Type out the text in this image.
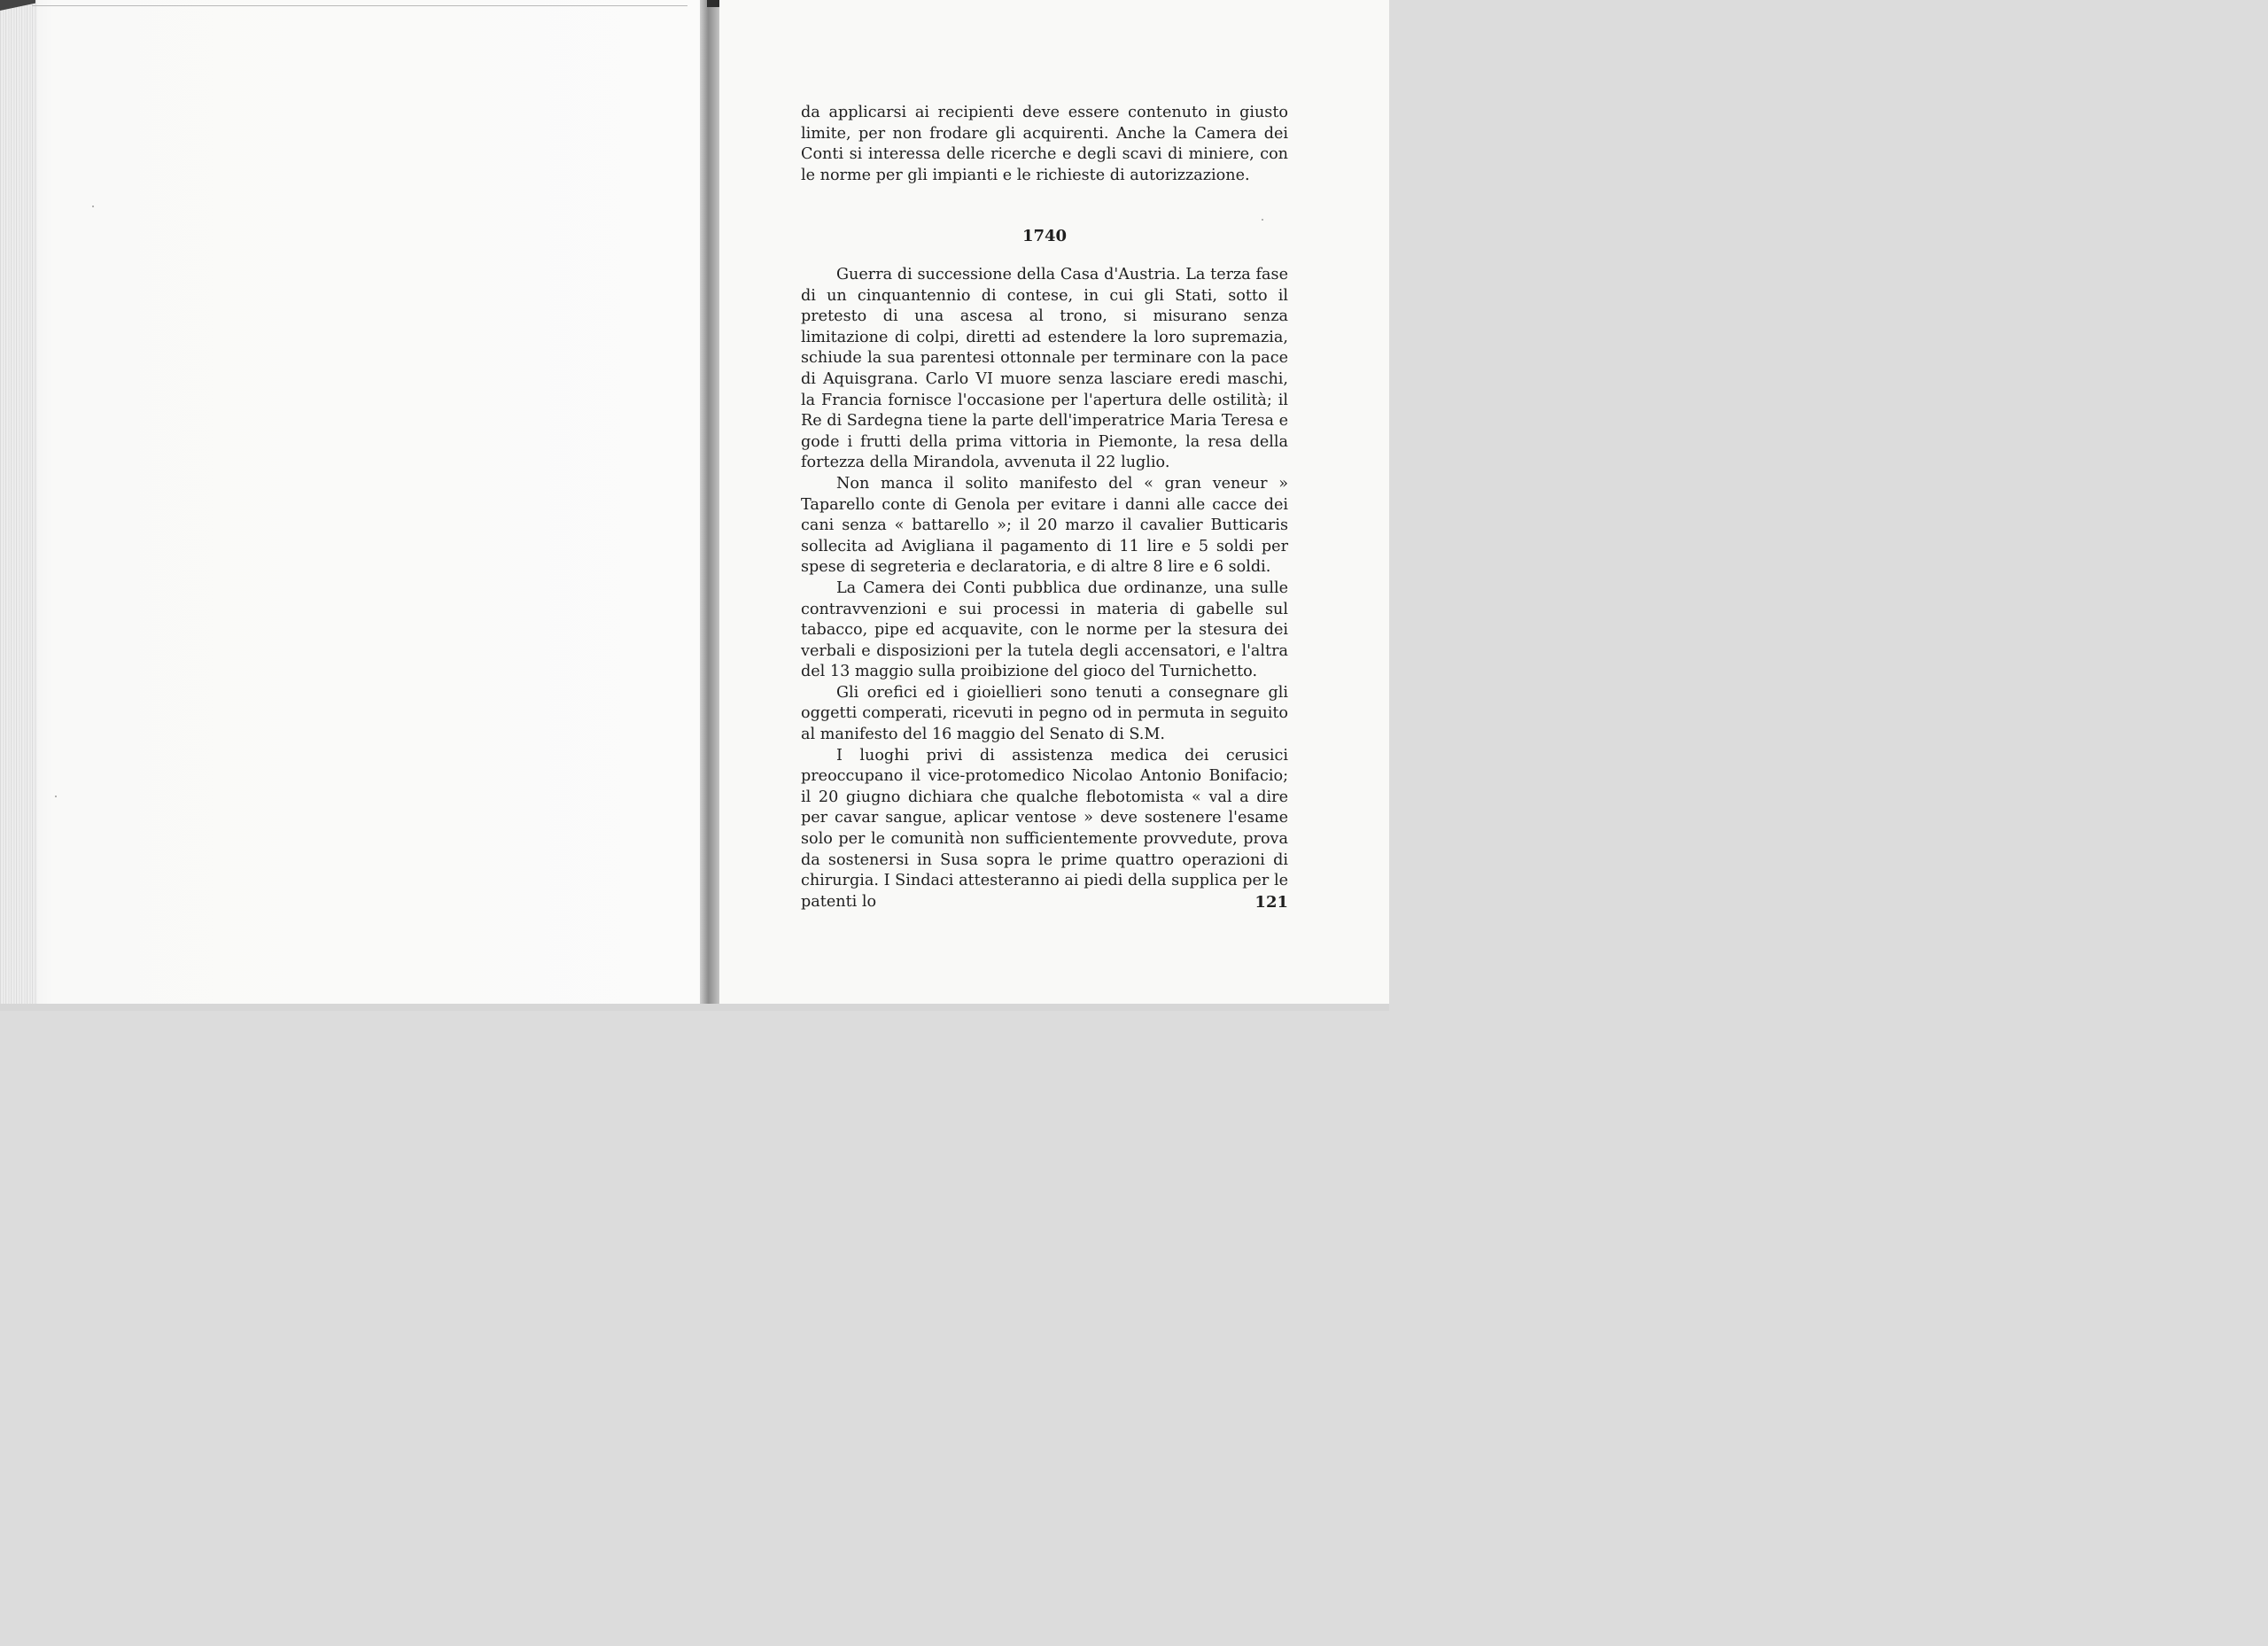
da applicarsi ai recipienti deve essere contenuto in giusto limite, per non frodare gli acquirenti. Anche la Camera dei Conti si interessa delle ricerche e degli scavi di miniere, con le norme per gli impianti e le richieste di autorizzazione.

1740

Guerra di successione della Casa d'Austria. La terza fase di un cinquantennio di contese, in cui gli Stati, sotto il pretesto di una ascesa al trono, si misurano senza limitazione di colpi, diretti ad estendere la loro supremazia, schiude la sua parentesi ottonnale per terminare con la pace di Aquisgrana. Carlo VI muore senza lasciare eredi maschi, la Francia fornisce l'occasione per l'apertura delle ostilità; il Re di Sardegna tiene la parte dell'imperatrice Maria Teresa e gode i frutti della prima vittoria in Piemonte, la resa della fortezza della Mirandola, avvenuta il 22 luglio.

Non manca il solito manifesto del « gran veneur » Taparello conte di Genola per evitare i danni alle cacce dei cani senza « battarello »; il 20 marzo il cavalier Butticaris sollecita ad Avigliana il pagamento di 11 lire e 5 soldi per spese di segreteria e declaratoria, e di altre 8 lire e 6 soldi.

La Camera dei Conti pubblica due ordinanze, una sulle contravvenzioni e sui processi in materia di gabelle sul tabacco, pipe ed acquavite, con le norme per la stesura dei verbali e disposizioni per la tutela degli accensatori, e l'altra del 13 maggio sulla proibizione del gioco del Turnichetto.

Gli orefici ed i gioiellieri sono tenuti a consegnare gli oggetti comperati, ricevuti in pegno od in permuta in seguito al manifesto del 16 maggio del Senato di S.M.

I luoghi privi di assistenza medica dei cerusici preoccupano il vice-protomedico Nicolao Antonio Bonifacio; il 20 giugno dichiara che qualche flebotomista « val a dire per cavar sangue, aplicar ventose » deve sostenere l'esame solo per le comunità non sufficientemente provvedute, prova da sostenersi in Susa sopra le prime quattro operazioni di chirurgia. I Sindaci attesteranno ai piedi della supplica per le patenti lo	121
